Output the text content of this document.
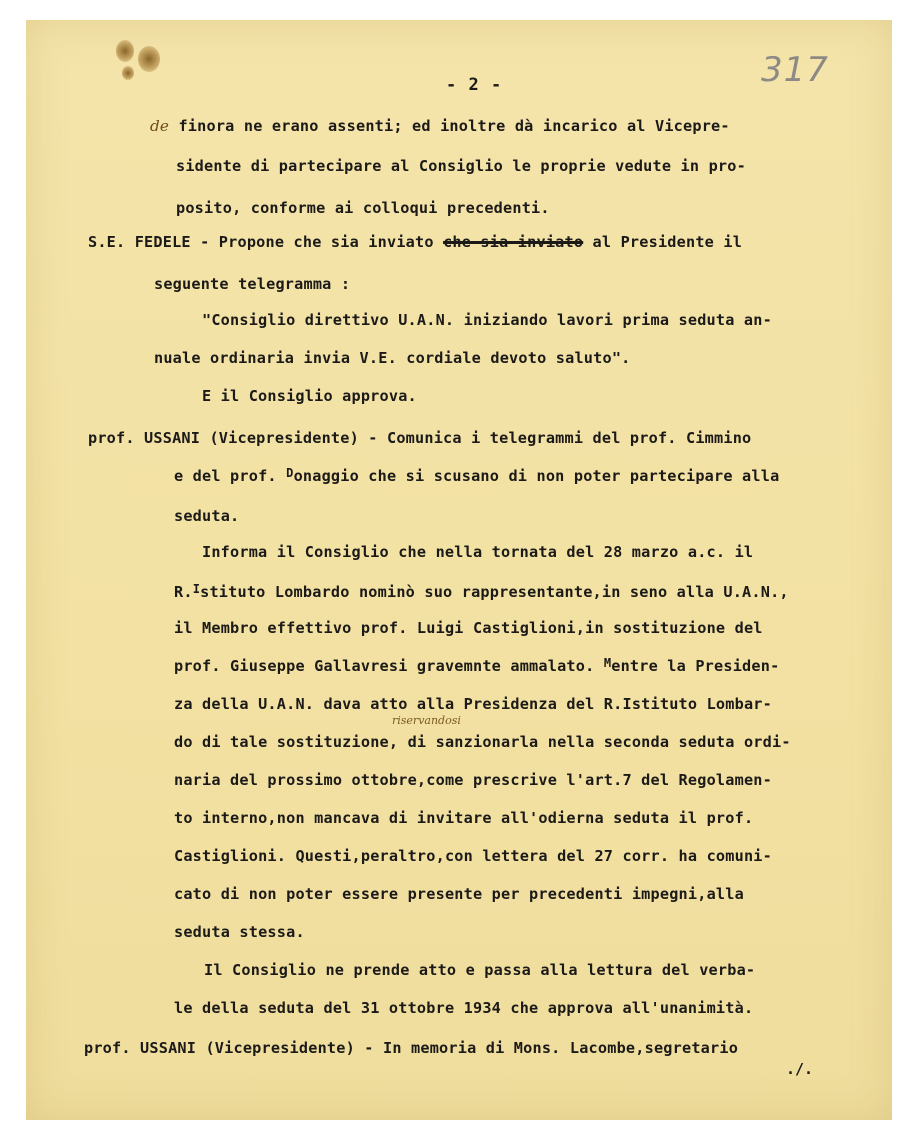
- 2 -	317
de finora ne erano assenti; ed inoltre dà incarico al Vicepre-
sidente di partecipare al Consiglio le proprie vedute in pro-
posito, conforme ai colloqui precedenti.
S.E. FEDELE - Propone che sia inviato che sia inviato al Presidente il
seguente telegramma :
"Consiglio direttivo U.A.N. iniziando lavori prima seduta an-
nuale ordinaria invia V.E. cordiale devoto saluto".
E il Consiglio approva.
prof. USSANI (Vicepresidente) - Comunica i telegrammi del prof. Cimmino
e del prof. $^D$onaggio che si scusano di non poter partecipare alla
seduta.
Informa il Consiglio che nella tornata del 28 marzo a.c. il
R.$^I$stituto Lombardo nominò suo rappresentante,in seno alla U.A.N.,
il Membro effettivo prof. Luigi Castiglioni,in sostituzione del
prof. Giuseppe Gallavresi gravemnte ammalato. $^M$entre la Presiden-
za della U.A.N. dava atto alla Presidenza del R.Istituto Lombar-
riservandosi
do di tale sostituzione, di sanzionarla nella seconda seduta ordi-
naria del prossimo ottobre,come prescrive l'art.7 del Regolamen-
to interno,non mancava di invitare all'odierna seduta il prof.
Castiglioni. Questi,peraltro,con lettera del 27 corr. ha comuni-
cato di non poter essere presente per precedenti impegni,alla
seduta stessa.
Il Consiglio ne prende atto e passa alla lettura del verba-
le della seduta del 31 ottobre 1934 che approva all'unanimità.
prof. USSANI (Vicepresidente) - In memoria di Mons. Lacombe,segretario
./.
